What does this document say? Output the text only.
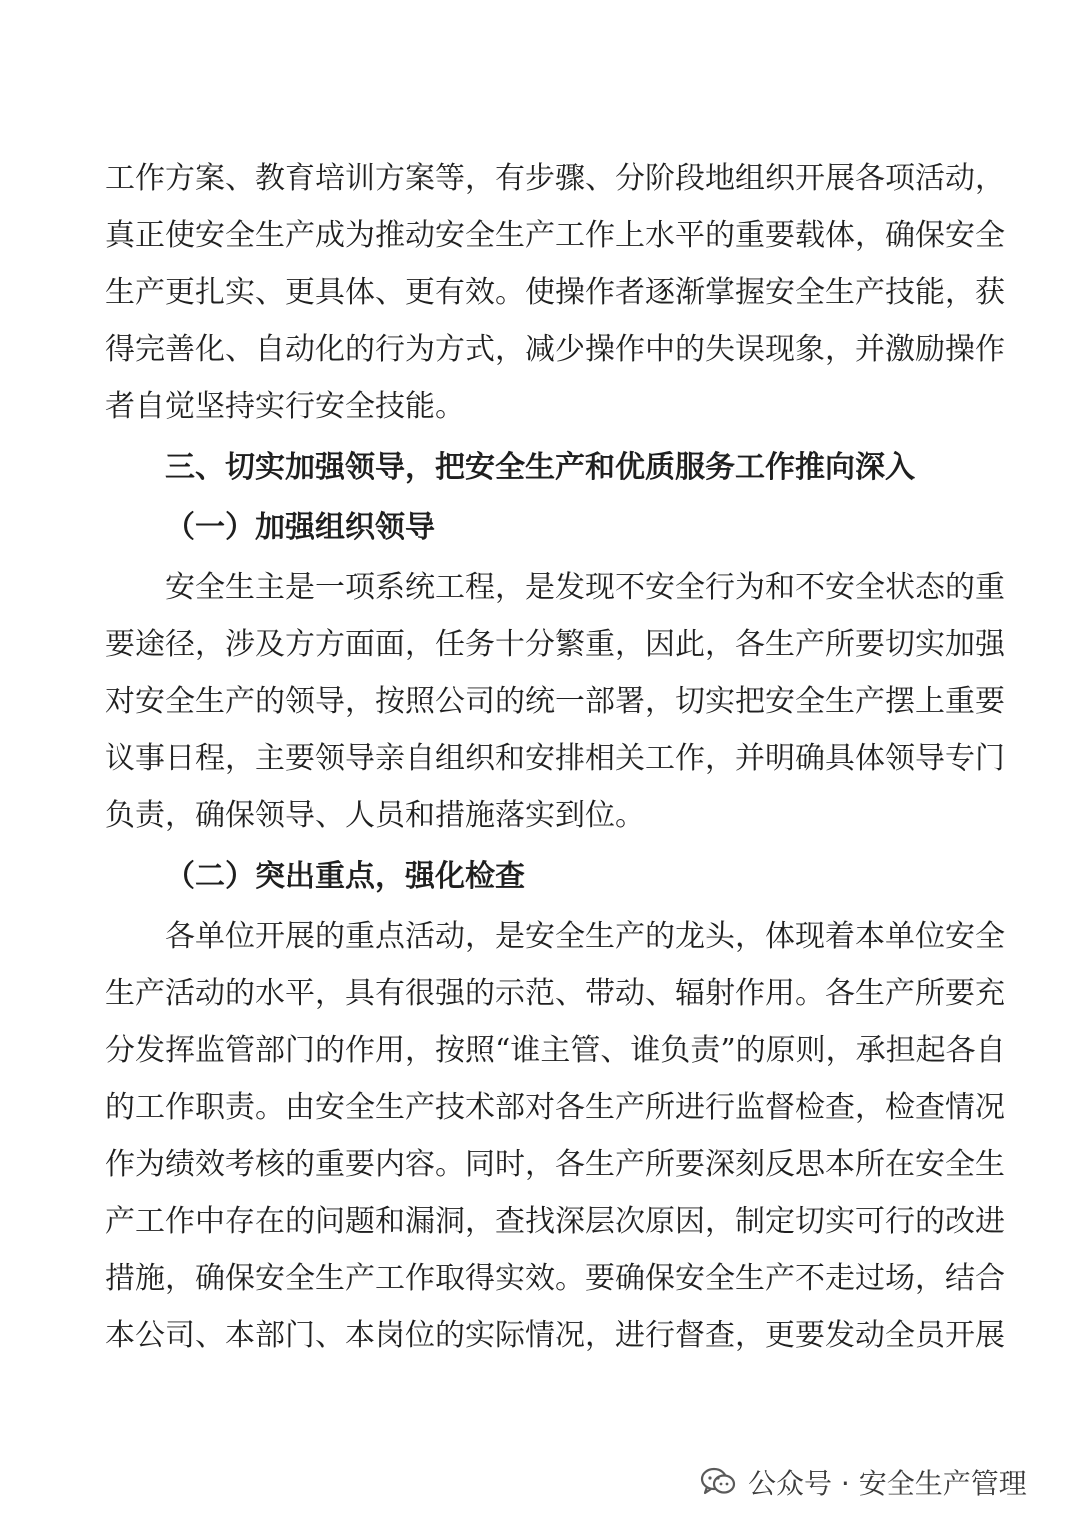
工作方案、教育培训方案等，有步骤、分阶段地组织开展各项活动，
真正使安全生产成为推动安全生产工作上水平的重要载体，确保安全
生产更扎实、更具体、更有效。使操作者逐渐掌握安全生产技能，获
得完善化、自动化的行为方式，减少操作中的失误现象，并激励操作
者自觉坚持实行安全技能。
三、切实加强领导，把安全生产和优质服务工作推向深入
（一）加强组织领导
安全生主是一项系统工程，是发现不安全行为和不安全状态的重
要途径，涉及方方面面，任务十分繁重，因此，各生产所要切实加强
对安全生产的领导，按照公司的统一部署，切实把安全生产摆上重要
议事日程，主要领导亲自组织和安排相关工作，并明确具体领导专门
负责，确保领导、人员和措施落实到位。
（二）突出重点，强化检查
各单位开展的重点活动，是安全生产的龙头，体现着本单位安全
生产活动的水平，具有很强的示范、带动、辐射作用。各生产所要充
分发挥监管部门的作用，按照“谁主管、谁负责”的原则，承担起各自
的工作职责。由安全生产技术部对各生产所进行监督检查，检查情况
作为绩效考核的重要内容。同时，各生产所要深刻反思本所在安全生
产工作中存在的问题和漏洞，查找深层次原因，制定切实可行的改进
措施，确保安全生产工作取得实效。要确保安全生产不走过场，结合
本公司、本部门、本岗位的实际情况，进行督查，更要发动全员开展
公众号 · 安全生产管理
